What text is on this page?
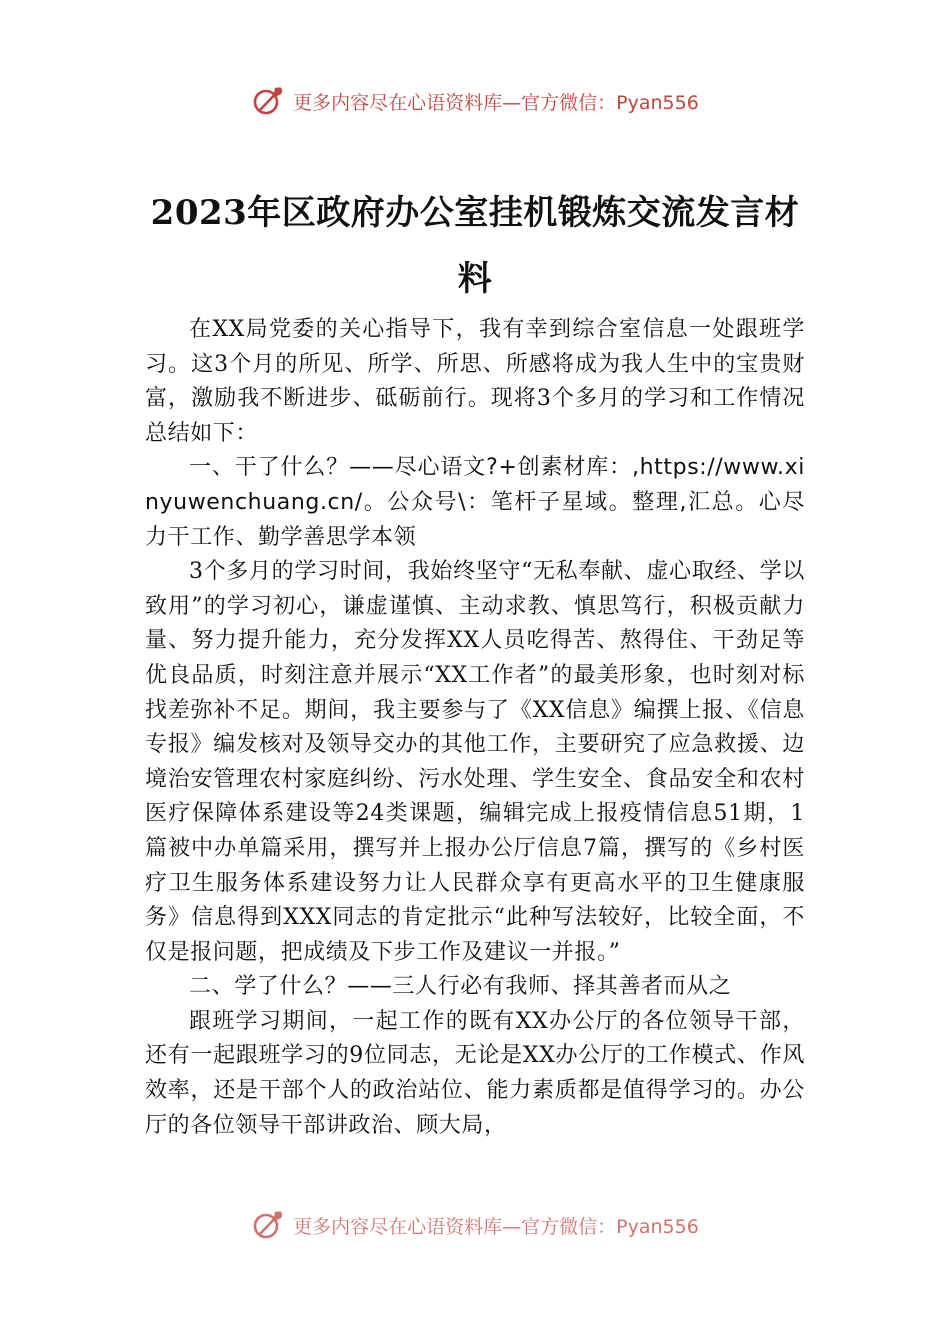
更多内容尽在心语资料库—官方微信：Pyan556
2023年区政府办公室挂机锻炼交流发言材料

在XX局党委的关心指导下，我有幸到综合室信息一处跟班学习。这3个月的所见、所学、所思、所感将成为我人生中的宝贵财富，激励我不断进步、砥砺前行。现将3个多月的学习和工作情况总结如下：

一、干了什么？——尽心语文?+创素材库：,https://www.xinyuwenchuang.cn/。公众号\：笔杆子星域。整理,汇总。心尽力干工作、勤学善思学本领

3个多月的学习时间，我始终坚守“无私奉献、虚心取经、学以致用”的学习初心，谦虚谨慎、主动求教、慎思笃行，积极贡献力量、努力提升能力，充分发挥XX人员吃得苦、熬得住、干劲足等优良品质，时刻注意并展示“XX工作者”的最美形象，也时刻对标找差弥补不足。期间，我主要参与了《XX信息》编撰上报、《信息专报》编发核对及领导交办的其他工作，主要研究了应急救援、边境治安管理农村家庭纠纷、污水处理、学生安全、食品安全和农村医疗保障体系建设等24类课题，编辑完成上报疫情信息51期，1篇被中办单篇采用，撰写并上报办公厅信息7篇，撰写的《乡村医疗卫生服务体系建设努力让人民群众享有更高水平的卫生健康服务》信息得到XXX同志的肯定批示“此种写法较好，比较全面，不仅是报问题，把成绩及下步工作及建议一并报。”

二、学了什么？——三人行必有我师、择其善者而从之

跟班学习期间，一起工作的既有XX办公厅的各位领导干部，还有一起跟班学习的9位同志，无论是XX办公厅的工作模式、作风效率，还是干部个人的政治站位、能力素质都是值得学习的。办公厅的各位领导干部讲政治、顾大局，

更多内容尽在心语资料库—官方微信：Pyan556
